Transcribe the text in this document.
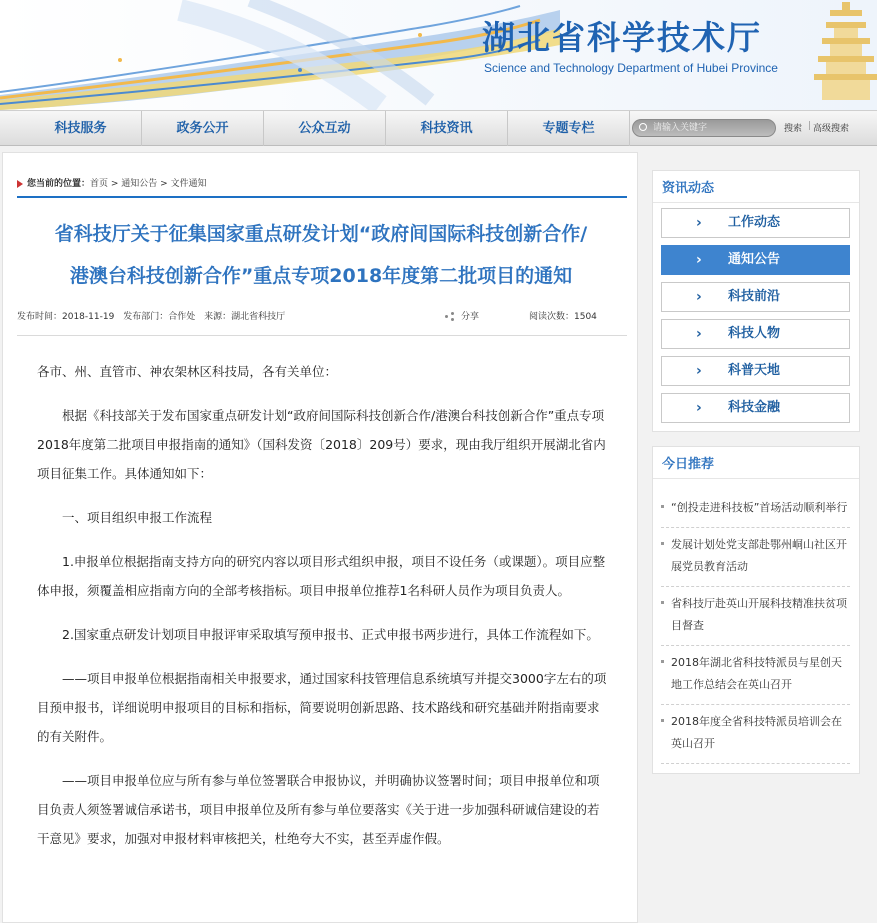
湖北省科学技术厅
Science and Technology Department of Hubei Province
科技服务	政务公开	公众互动	科技资讯	专题专栏
请输入关键字	搜索 | 高级搜索
您当前的位置：首页 > 通知公告 > 文件通知
省科技厅关于征集国家重点研发计划“政府间国际科技创新合作/
港澳台科技创新合作”重点专项2018年度第二批项目的通知
发布时间：2018-11-19 发布部门：合作处 来源：湖北省科技厅	分享	阅读次数：1504

各市、州、直管市、神农架林区科技局，各有关单位：

根据《科技部关于发布国家重点研发计划“政府间国际科技创新合作/港澳台科技创新合作”重点专项2018年度第二批项目申报指南的通知》（国科发资〔2018〕209号）要求，现由我厅组织开展湖北省内项目征集工作。具体通知如下：

一、项目组织申报工作流程

1.申报单位根据指南支持方向的研究内容以项目形式组织申报，项目不设任务（或课题）。项目应整体申报，须覆盖相应指南方向的全部考核指标。项目申报单位推荐1名科研人员作为项目负责人。

2.国家重点研发计划项目申报评审采取填写预申报书、正式申报书两步进行，具体工作流程如下。

——项目申报单位根据指南相关申报要求，通过国家科技管理信息系统填写并提交3000字左右的项目预申报书，详细说明申报项目的目标和指标，简要说明创新思路、技术路线和研究基础并附指南要求的有关附件。

——项目申报单位应与所有参与单位签署联合申报协议，并明确协议签署时间；项目申报单位和项目负责人须签署诚信承诺书，项目申报单位及所有参与单位要落实《关于进一步加强科研诚信建设的若干意见》要求，加强对申报材料审核把关，杜绝夸大不实，甚至弄虚作假。

资讯动态
› 工作动态
› 通知公告
› 科技前沿
› 科技人物
› 科普天地
› 科技金融
今日推荐
“创投走进科技板”首场活动顺利举行
发展计划处党支部赴鄂州峒山社区开展党员教育活动
省科技厅赴英山开展科技精准扶贫项目督查
2018年湖北省科技特派员与星创天地工作总结会在英山召开
2018年度全省科技特派员培训会在英山召开
